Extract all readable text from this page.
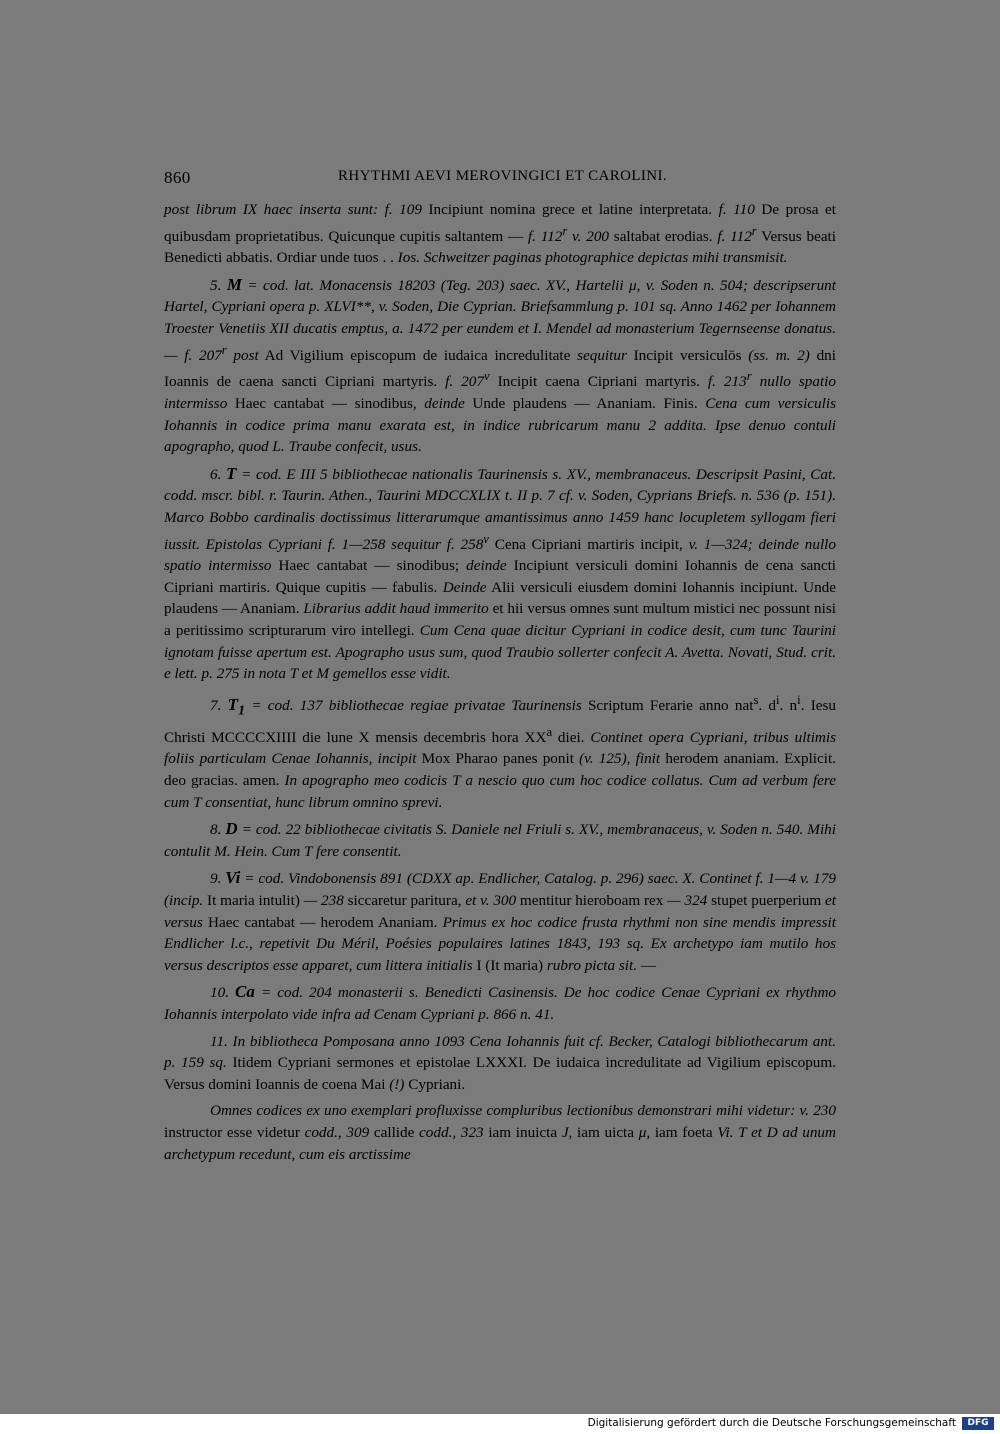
860	RHYTHMI AEVI MEROVINGICI ET CAROLINI.

post librum IX haec inserta sunt: f. 109 Incipiunt nomina grece et latine interpretata. f. 110 De prosa et quibusdam proprietatibus. Quicunque cupitis saltantem — f. 112$^r$ v. 200 saltabat erodias. f. 112$^r$ Versus beati Benedicti abbatis. Ordiar unde tuos . . Ios. Schweitzer paginas photographice depictas mihi transmisit.

5. M = cod. lat. Monacensis 18203 (Teg. 203) saec. XV., Hartelii μ, v. Soden n. 504; descripserunt Hartel, Cypriani opera p. XLVI**, v. Soden, Die Cyprian. Briefsammlung p. 101 sq. Anno 1462 per Iohannem Troester Venetiis XII ducatis emptus, a. 1472 per eundem et I. Mendel ad monasterium Tegernseense donatus. — f. 207$^r$ post Ad Vigilium episcopum de iudaica incredulitate sequitur Incipit versiculōs (ss. m. 2) dni Ioannis de caena sancti Cipriani martyris. f. 207$^v$ Incipit caena Cipriani martyris. f. 213$^r$ nullo spatio intermisso Haec cantabat — sinodibus, deinde Unde plaudens — Ananiam. Finis. Cena cum versiculis Iohannis in codice prima manu exarata est, in indice rubricarum manu 2 addita. Ipse denuo contuli apographo, quod L. Traube confecit, usus.

6. T = cod. E III 5 bibliothecae nationalis Taurinensis s. XV., membranaceus. Descripsit Pasini, Cat. codd. mscr. bibl. r. Taurin. Athen., Taurini MDCCXLIX t. II p. 7 cf. v. Soden, Cyprians Briefs. n. 536 (p. 151). Marco Bobbo cardinalis doctissimus litterarumque amantissimus anno 1459 hanc locupletem syllogam fieri iussit. Epistolas Cypriani f. 1—258 sequitur f. 258$^v$ Cena Cipriani martiris incipit, v. 1—324; deinde nullo spatio intermisso Haec cantabat — sinodibus; deinde Incipiunt versiculi domini Iohannis de cena sancti Cipriani martiris. Quique cupitis — fabulis. Deinde Alii versiculi eiusdem domini Iohannis incipiunt. Unde plaudens — Ananiam. Librarius addit haud immerito et hii versus omnes sunt multum mistici nec possunt nisi a peritissimo scripturarum viro intellegi. Cum Cena quae dicitur Cypriani in codice desit, cum tunc Taurini ignotam fuisse apertum est. Apographo usus sum, quod Traubio sollerter confecit A. Avetta. Novati, Stud. crit. e lett. p. 275 in nota T et M gemellos esse vidit.

7. $T_1$ = cod. 137 bibliothecae regiae privatae Taurinensis Scriptum Ferarie anno nat$^s$. $d^i$. $n^i$. Iesu Christi MCCCCXIIII die lune X mensis decembris hora $XX^a$ diei. Continet opera Cypriani, tribus ultimis foliis particulam Cenae Iohannis, incipit Mox Pharao panes ponit (v. 125), finit herodem ananiam. Explicit. deo gracias. amen. In apographo meo codicis T a nescio quo cum hoc codice collatus. Cum ad verbum fere cum T consentiat, hunc librum omnino sprevi.

8. D = cod. 22 bibliothecae civitatis S. Daniele nel Friuli s. XV., membranaceus, v. Soden n. 540. Mihi contulit M. Hein. Cum T fere consentit.

9. Vi = cod. Vindobonensis 891 (CDXX ap. Endlicher, Catalog. p. 296) saec. X. Continet f. 1—4 v. 179 (incip. It maria intulit) — 238 siccaretur paritura, et v. 300 mentitur hieroboam rex — 324 stupet puerperium et versus Haec cantabat — herodem Ananiam. Primus ex hoc codice frusta rhythmi non sine mendis impressit Endlicher l.c., repetivit Du Méril, Poésies populaires latines 1843, 193 sq. Ex archetypo iam mutilo hos versus descriptos esse apparet, cum littera initialis I (It maria) rubro picta sit. —

10. Ca = cod. 204 monasterii s. Benedicti Casinensis. De hoc codice Cenae Cypriani ex rhythmo Iohannis interpolato vide infra ad Cenam Cypriani p. 866 n. 41.

11. In bibliotheca Pomposana anno 1093 Cena Iohannis fuit cf. Becker, Catalogi bibliothecarum ant. p. 159 sq. Itidem Cypriani sermones et epistolae LXXXI. De iudaica incredulitate ad Vigilium episcopum. Versus domini Ioannis de coena Mai (!) Cypriani.

Omnes codices ex uno exemplari profluxisse compluribus lectionibus demonstrari mihi videtur: v. 230 instructor esse videtur codd., 309 callide codd., 323 iam inuicta J, iam uicta μ, iam foeta Vi. T et D ad unum archetypum recedunt, cum eis arctissime

Digitalisierung gefördert durch die Deutsche Forschungsgemeinschaft	DFG
